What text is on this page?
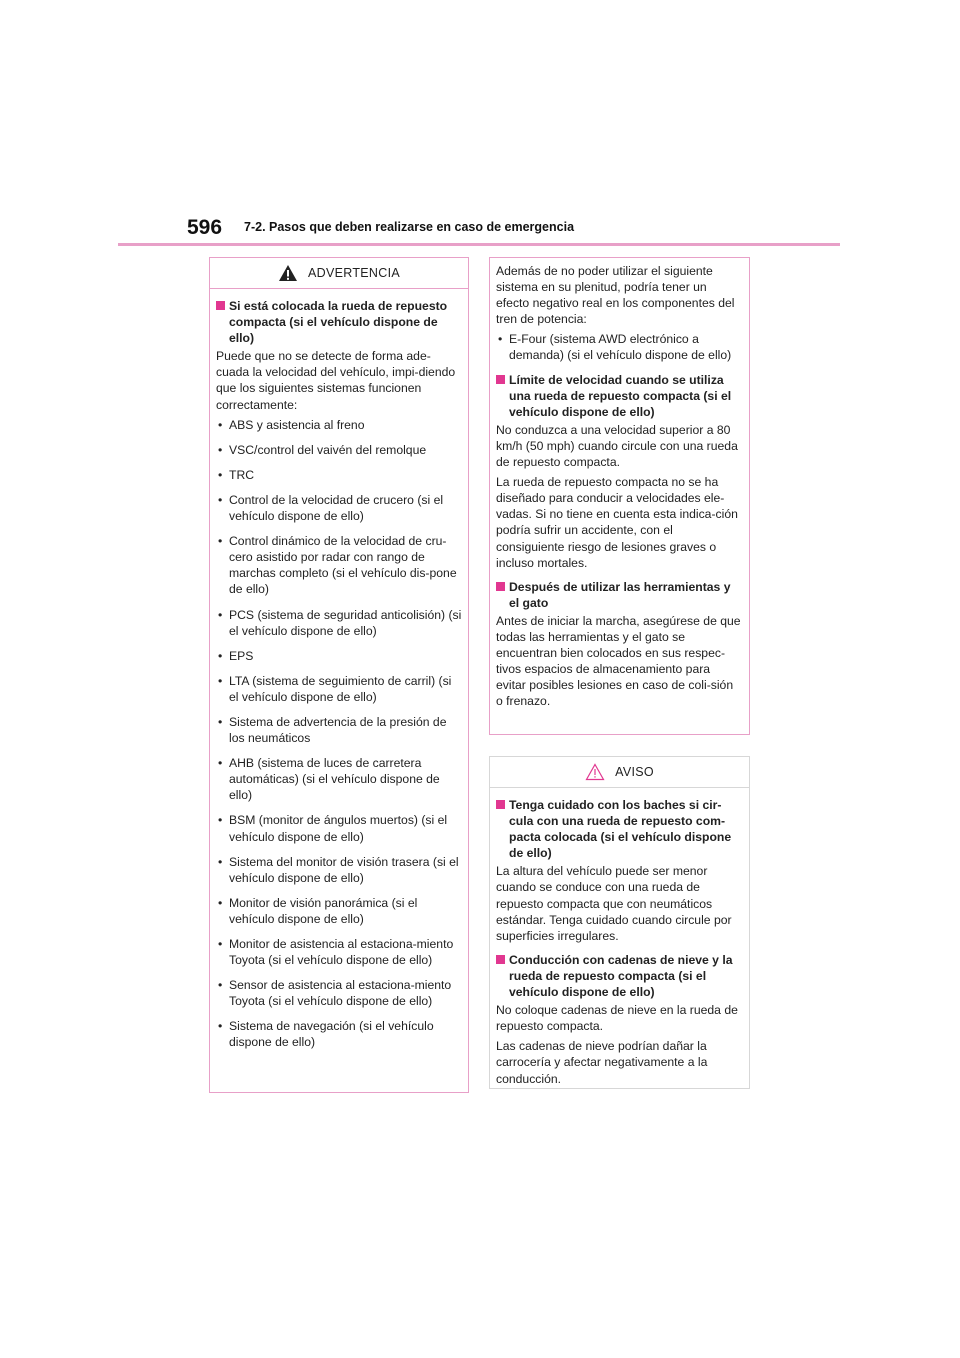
596 7-2. Pasos que deben realizarse en caso de emergencia
ADVERTENCIA
Si está colocada la rueda de repuesto compacta (si el vehículo dispone de ello)

Puede que no se detecte de forma ade-cuada la velocidad del vehículo, impi-diendo que los siguientes sistemas funcionen correctamente:

• ABS y asistencia al freno
• VSC/control del vaivén del remolque
• TRC
• Control de la velocidad de crucero (si el vehículo dispone de ello)
• Control dinámico de la velocidad de cru-cero asistido por radar con rango de marchas completo (si el vehículo dis-pone de ello)
• PCS (sistema de seguridad anticolisión) (si el vehículo dispone de ello)
• EPS
• LTA (sistema de seguimiento de carril) (si el vehículo dispone de ello)
• Sistema de advertencia de la presión de los neumáticos
• AHB (sistema de luces de carretera automáticas) (si el vehículo dispone de ello)
• BSM (monitor de ángulos muertos) (si el vehículo dispone de ello)
• Sistema del monitor de visión trasera (si el vehículo dispone de ello)
• Monitor de visión panorámica (si el vehículo dispone de ello)
• Monitor de asistencia al estaciona-miento Toyota (si el vehículo dispone de ello)
• Sensor de asistencia al estaciona-miento Toyota (si el vehículo dispone de ello)
• Sistema de navegación (si el vehículo dispone de ello)

Además de no poder utilizar el siguiente sistema en su plenitud, podría tener un efecto negativo real en los componentes del tren de potencia:

• E-Four (sistema AWD electrónico a demanda) (si el vehículo dispone de ello)
Límite de velocidad cuando se utiliza una rueda de repuesto compacta (si el vehículo dispone de ello)

No conduzca a una velocidad superior a 80 km/h (50 mph) cuando circule con una rueda de repuesto compacta.

La rueda de repuesto compacta no se ha diseñado para conducir a velocidades ele-vadas. Si no tiene en cuenta esta indica-ción podría sufrir un accidente, con el consiguiente riesgo de lesiones graves o incluso mortales.

Después de utilizar las herramientas y el gato

Antes de iniciar la marcha, asegúrese de que todas las herramientas y el gato se encuentran bien colocados en sus respec-tivos espacios de almacenamiento para evitar posibles lesiones en caso de coli-sión o frenazo.

AVISO
Tenga cuidado con los baches si cir-cula con una rueda de repuesto com-pacta colocada (si el vehículo dispone de ello)

La altura del vehículo puede ser menor cuando se conduce con una rueda de repuesto compacta que con neumáticos estándar. Tenga cuidado cuando circule por superficies irregulares.

Conducción con cadenas de nieve y la rueda de repuesto compacta (si el vehículo dispone de ello)

No coloque cadenas de nieve en la rueda de repuesto compacta.

Las cadenas de nieve podrían dañar la carrocería y afectar negativamente a la conducción.
